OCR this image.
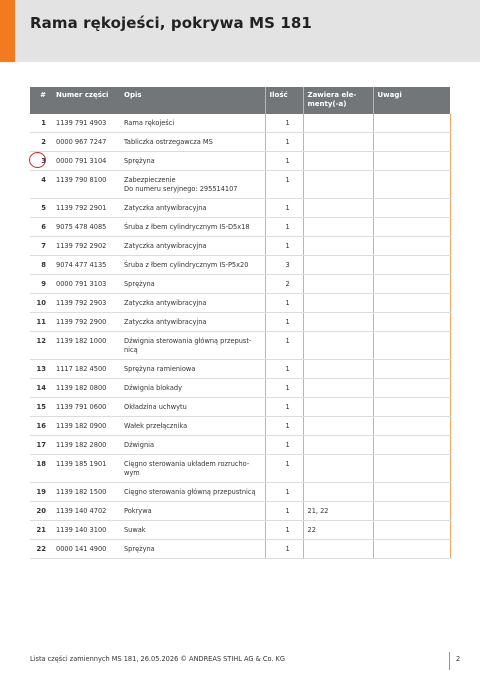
Rama rękojeści, pokrywa MS 181
#	Numer części	Opis	Ilość	Zawiera ele-menty(-a)	Uwagi
1	1139 791 4903	Rama rękojeści	1		
2	0000 967 7247	Tabliczka ostrzegawcza MS	1		
3	0000 791 3104	Sprężyna	1		
4	1139 790 8100	Zabezpieczenie
Do numeru seryjnego: 295514107	1		
5	1139 792 2901	Zatyczka antywibracyjna	1		
6	9075 478 4085	Śruba z łbem cylindrycznym IS-D5x18	1		
7	1139 792 2902	Zatyczka antywibracyjna	1		
8	9074 477 4135	Śruba z łbem cylindrycznym IS-P5x20	3		
9	0000 791 3103	Sprężyna	2		
10	1139 792 2903	Zatyczka antywibracyjna	1		
11	1139 792 2900	Zatyczka antywibracyjna	1		
12	1139 182 1000	Dźwignia sterowania główną przepust-
nicą	1		
13	1117 182 4500	Sprężyna ramieniowa	1		
14	1139 182 0800	Dźwignia blokady	1		
15	1139 791 0600	Okładzina uchwytu	1		
16	1139 182 0900	Wałek przełącznika	1		
17	1139 182 2800	Dźwignia	1		
18	1139 185 1901	Cięgno sterowania układem rozrucho-
wym	1		
19	1139 182 1500	Cięgno sterowania główną przepustnicą	1		
20	1139 140 4702	Pokrywa	1	21, 22	
21	1139 140 3100	Suwak	1	22	
22	0000 141 4900	Sprężyna	1		
Lista części zamiennych MS 181, 26.05.2026 © ANDREAS STIHL AG & Co. KG	2
